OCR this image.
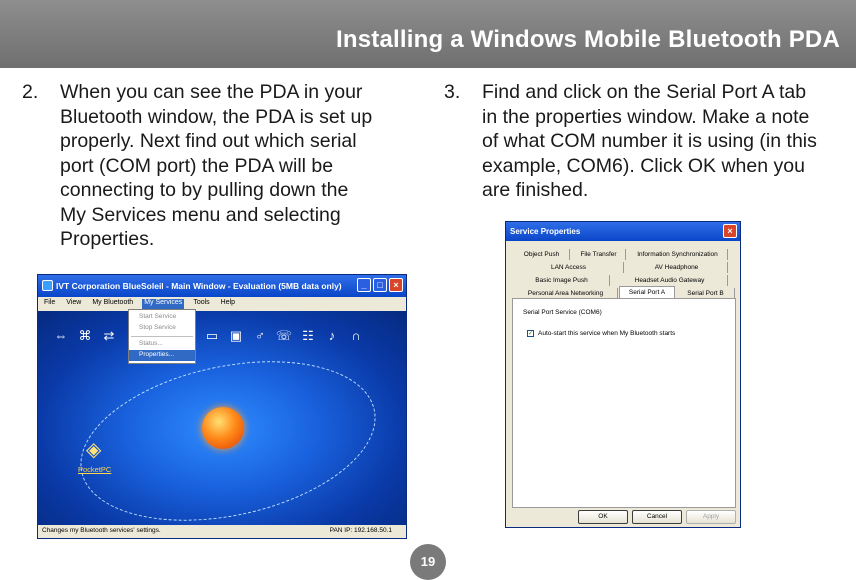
Installing a Windows Mobile Bluetooth PDA
2. When you can see the PDA in your
Bluetooth window, the PDA is set up
properly. Next find out which serial
port (COM port) the PDA will be
connecting to by pulling down the
My Services menu and selecting
Properties.
3. Find and click on the Serial Port A tab
in the properties window. Make a note
of what COM number it is using (in this
example, COM6). Click OK when you
are finished.
IVT Corporation BlueSoleil - Main Window - Evaluation (5MB data only)	_	□	×
File View My Bluetooth My Services Tools Help
⇔ ⌘ ⇄	▭ ▣ ♂ ☏ ☷	♪	∩
◈
PocketPC
Start Service
Stop Service
Status...
Properties...
Changes my Bluetooth services' settings.	PAN IP: 192.168.50.1
Service Properties	×
Object Push	File Transfer	Information Synchronization
LAN Access	AV Headphone
Basic Image Push	Headset Audio Gateway
Personal Area Networking	Serial Port A	Serial Port B
Serial Port Service (COM6)
✓ Auto-start this service when My Bluetooth starts
OK	Cancel	Apply
19
